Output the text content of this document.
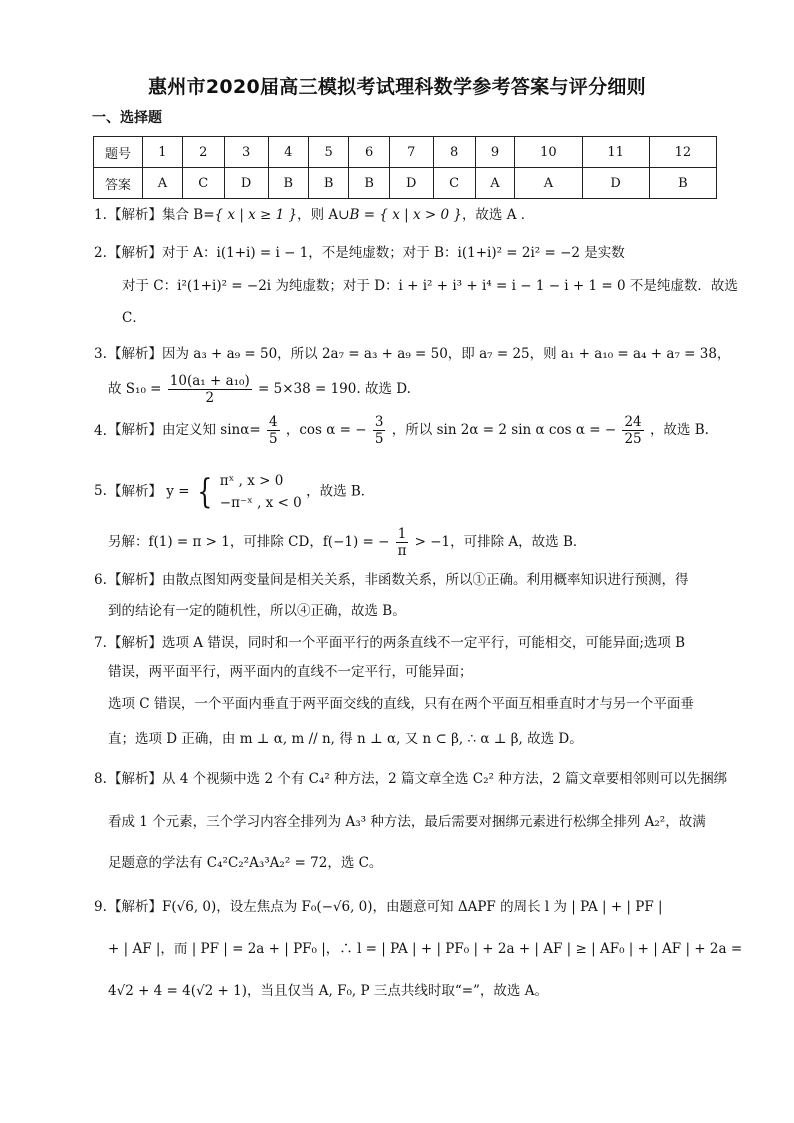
惠州市2020届高三模拟考试理科数学参考答案与评分细则
一、选择题
题号	1	2	3	4	5	6	7	8	9	10	11	12
答案	A	C	D	B	B	B	D	C	A	A	D	B
1. 【解析】集合 B={ x | x ≥ 1 }，则 A∪B = { x | x > 0 }，故选 A ．
2. 【解析】对于 A：i(1+i) = i − 1，不是纯虚数；对于 B：i(1+i)² = 2i² = −2 是实数
对于 C：i²(1+i)² = −2i 为纯虚数；对于 D：i + i² + i³ + i⁴ = i − 1 − i + 1 = 0 不是纯虚数．故选
C．
3. 【解析】因为 a₃ + a₉ = 50，所以 2a₇ = a₃ + a₉ = 50，即 a₇ = 25，则 a₁ + a₁₀ = a₄ + a₇ = 38，
故 $S_{10} = \frac{\text{10(a₁ + a₁₀)}}{2} = 5\times 38 = 190$. 故选 D.
4. 【解析】由定义知 $\sin\alpha= \frac{4}{5}$ ，cos α = − $\frac{3}{5}$ ，所以 sin 2α = 2 sin α cos α = − $\frac{24}{25}$ ，故选 B.
5. 【解析】 y = { πˣ , x > 0
−π⁻ˣ , x < 0
，故选 B．
另解：f(1) = π > 1，可排除 CD，f(−1) = − $\frac{1}{\pi} > -1$，可排除 A，故选 B．
6. 【解析】由散点图知两变量间是相关关系，非函数关系，所以①正确。利用概率知识进行预测，得
到的结论有一定的随机性，所以④正确，故选 B。
7. 【解析】选项 A 错误，同时和一个平面平行的两条直线不一定平行，可能相交，可能异面;选项 B
错误，两平面平行，两平面内的直线不一定平行，可能异面；
选项 C 错误，一个平面内垂直于两平面交线的直线，只有在两个平面互相垂直时才与另一个平面垂
直；选项 D 正确，由 m ⊥ α, m // n, 得 n ⊥ α, 又 n ⊂ β, ∴ α ⊥ β, 故选 D。
8. 【解析】从 4 个视频中选 2 个有 C₄² 种方法，2 篇文章全选 C₂² 种方法，2 篇文章要相邻则可以先捆绑
看成 1 个元素，三个学习内容全排列为 A₃³ 种方法，最后需要对捆绑元素进行松绑全排列 A₂²，故满
足题意的学法有 C₄²C₂²A₃³A₂² = 72，选 C。
9. 【解析】F(√6, 0)，设左焦点为 F₀(−√6, 0)，由题意可知 ΔAPF 的周长 l 为 | PA | + | PF |
+ | AF |，而 | PF | = 2a + | PF₀ |，∴ l = | PA | + | PF₀ | + 2a + | AF | ≥ | AF₀ | + | AF | + 2a =
4√2 + 4 = 4(√2 + 1)，当且仅当 A, F₀, P 三点共线时取“=”，故选 A。
